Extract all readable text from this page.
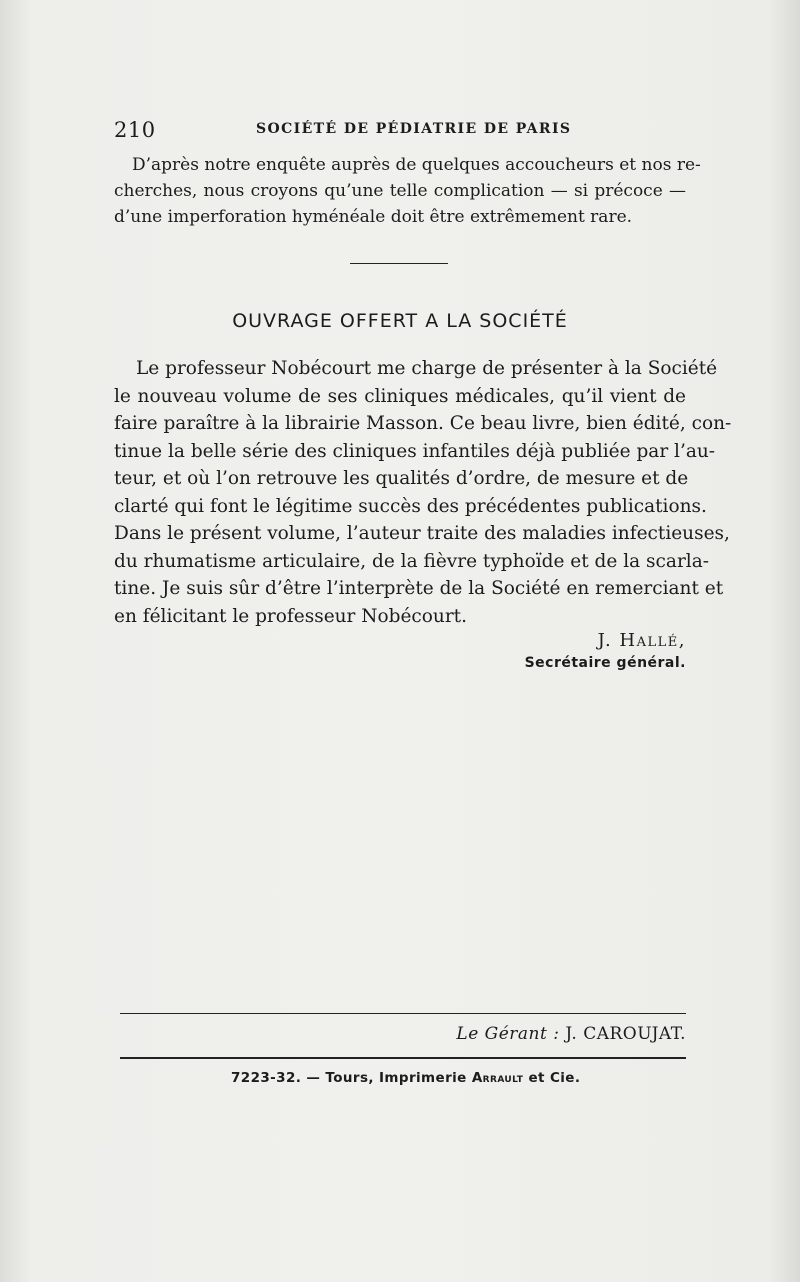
210	SOCIÉTÉ DE PÉDIATRIE DE PARIS

D’après notre enquête auprès de quelques accoucheurs et nos re-
cherches, nous croyons qu’une telle complication — si précoce —
d’une imperforation hyménéale doit être extrêmement rare.

OUVRAGE OFFERT A LA SOCIÉTÉ

Le professeur Nobécourt me charge de présenter à la Société
le nouveau volume de ses cliniques médicales, qu’il vient de
faire paraître à la librairie Masson. Ce beau livre, bien édité, con-
tinue la belle série des cliniques infantiles déjà publiée par l’au-
teur, et où l’on retrouve les qualités d’ordre, de mesure et de
clarté qui font le légitime succès des précédentes publications.
Dans le présent volume, l’auteur traite des maladies infectieuses,
du rhumatisme articulaire, de la fièvre typhoïde et de la scarla-
tine. Je suis sûr d’être l’interprète de la Société en remerciant et
en félicitant le professeur Nobécourt.

J. Hallé,
Secrétaire général.
Le Gérant : J. CAROUJAT.
7223-32. — Tours, Imprimerie Arrault et Cie.
